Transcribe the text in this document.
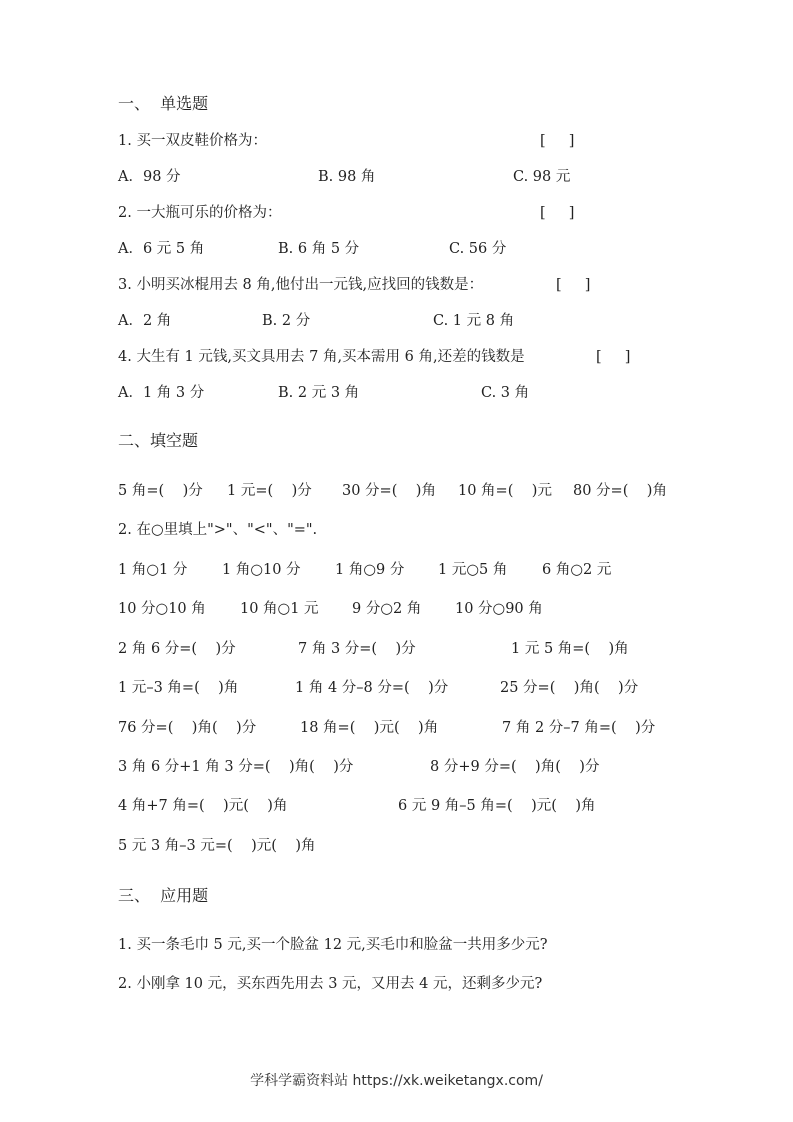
一、  单选题
1. 买一双皮鞋价格为：	[     ]
A．98 分	B. 98 角	C. 98 元
2. 一大瓶可乐的价格为：	[     ]
A．6 元 5 角	B. 6 角 5 分	C. 56 分
3. 小明买冰棍用去 8 角,他付出一元钱,应找回的钱数是：	[     ]
A．2 角	B. 2 分	C. 1 元 8 角
4. 大生有 1 元钱,买文具用去 7 角,买本需用 6 角,还差的钱数是	[     ]
A．1 角 3 分	B. 2 元 3 角	C. 3 角
二、填空题
5 角=(    )分 1 元=(    )分 30 分=(    )角 10 角=(    )元 80 分=(    )角
2. 在○里填上">"、"<"、"=".
1 角○1 分 1 角○10 分 1 角○9 分 1 元○5 角 6 角○2 元
10 分○10 角 10 角○1 元 9 分○2 角 10 分○90 角
2 角 6 分=(    )分	7 角 3 分=(    )分	1 元 5 角=(    )角
1 元–3 角=(    )角	1 角 4 分–8 分=(    )分	25 分=(    )角(    )分
76 分=(    )角(    )分	18 角=(    )元(    )角	7 角 2 分–7 角=(    )分
3 角 6 分+1 角 3 分=(    )角(    )分	8 分+9 分=(    )角(    )分
4 角+7 角=(    )元(    )角	6 元 9 角–5 角=(    )元(    )角
5 元 3 角–3 元=(    )元(    )角
三、  应用题
1. 买一条毛巾 5 元,买一个脸盆 12 元,买毛巾和脸盆一共用多少元?
2. 小刚拿 10 元，买东西先用去 3 元，又用去 4 元，还剩多少元?
学科学霸资料站 https://xk.weiketangx.com/
